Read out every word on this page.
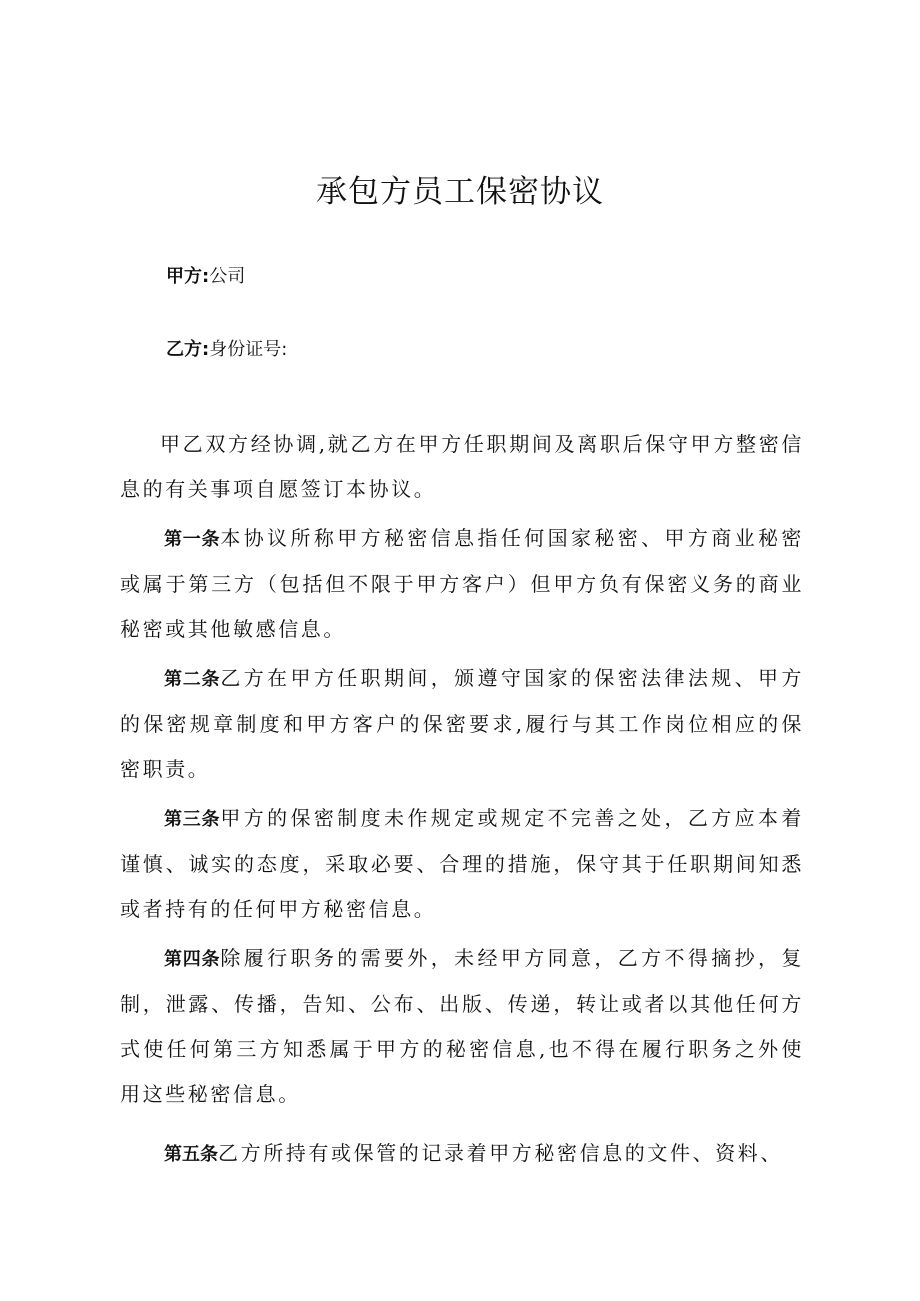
承包方员工保密协议

甲方:公司

乙方:身份证号:

甲乙双方经协调,就乙方在甲方任职期间及离职后保守甲方整密信息的有关事项自愿签订本协议。

第一条本协议所称甲方秘密信息指任何国家秘密、甲方商业秘密或属于第三方（包括但不限于甲方客户）但甲方负有保密义务的商业秘密或其他敏感信息。

第二条乙方在甲方任职期间，颁遵守国家的保密法律法规、甲方的保密规章制度和甲方客户的保密要求,履行与其工作岗位相应的保密职责。

第三条甲方的保密制度未作规定或规定不完善之处，乙方应本着谨慎、诚实的态度，采取必要、合理的措施，保守其于任职期间知悉或者持有的任何甲方秘密信息。

第四条除履行职务的需要外，未经甲方同意，乙方不得摘抄，复制，泄露、传播，告知、公布、出版、传递，转让或者以其他任何方式使任何第三方知悉属于甲方的秘密信息,也不得在履行职务之外使用这些秘密信息。

第五条乙方所持有或保管的记录着甲方秘密信息的文件、资料、
